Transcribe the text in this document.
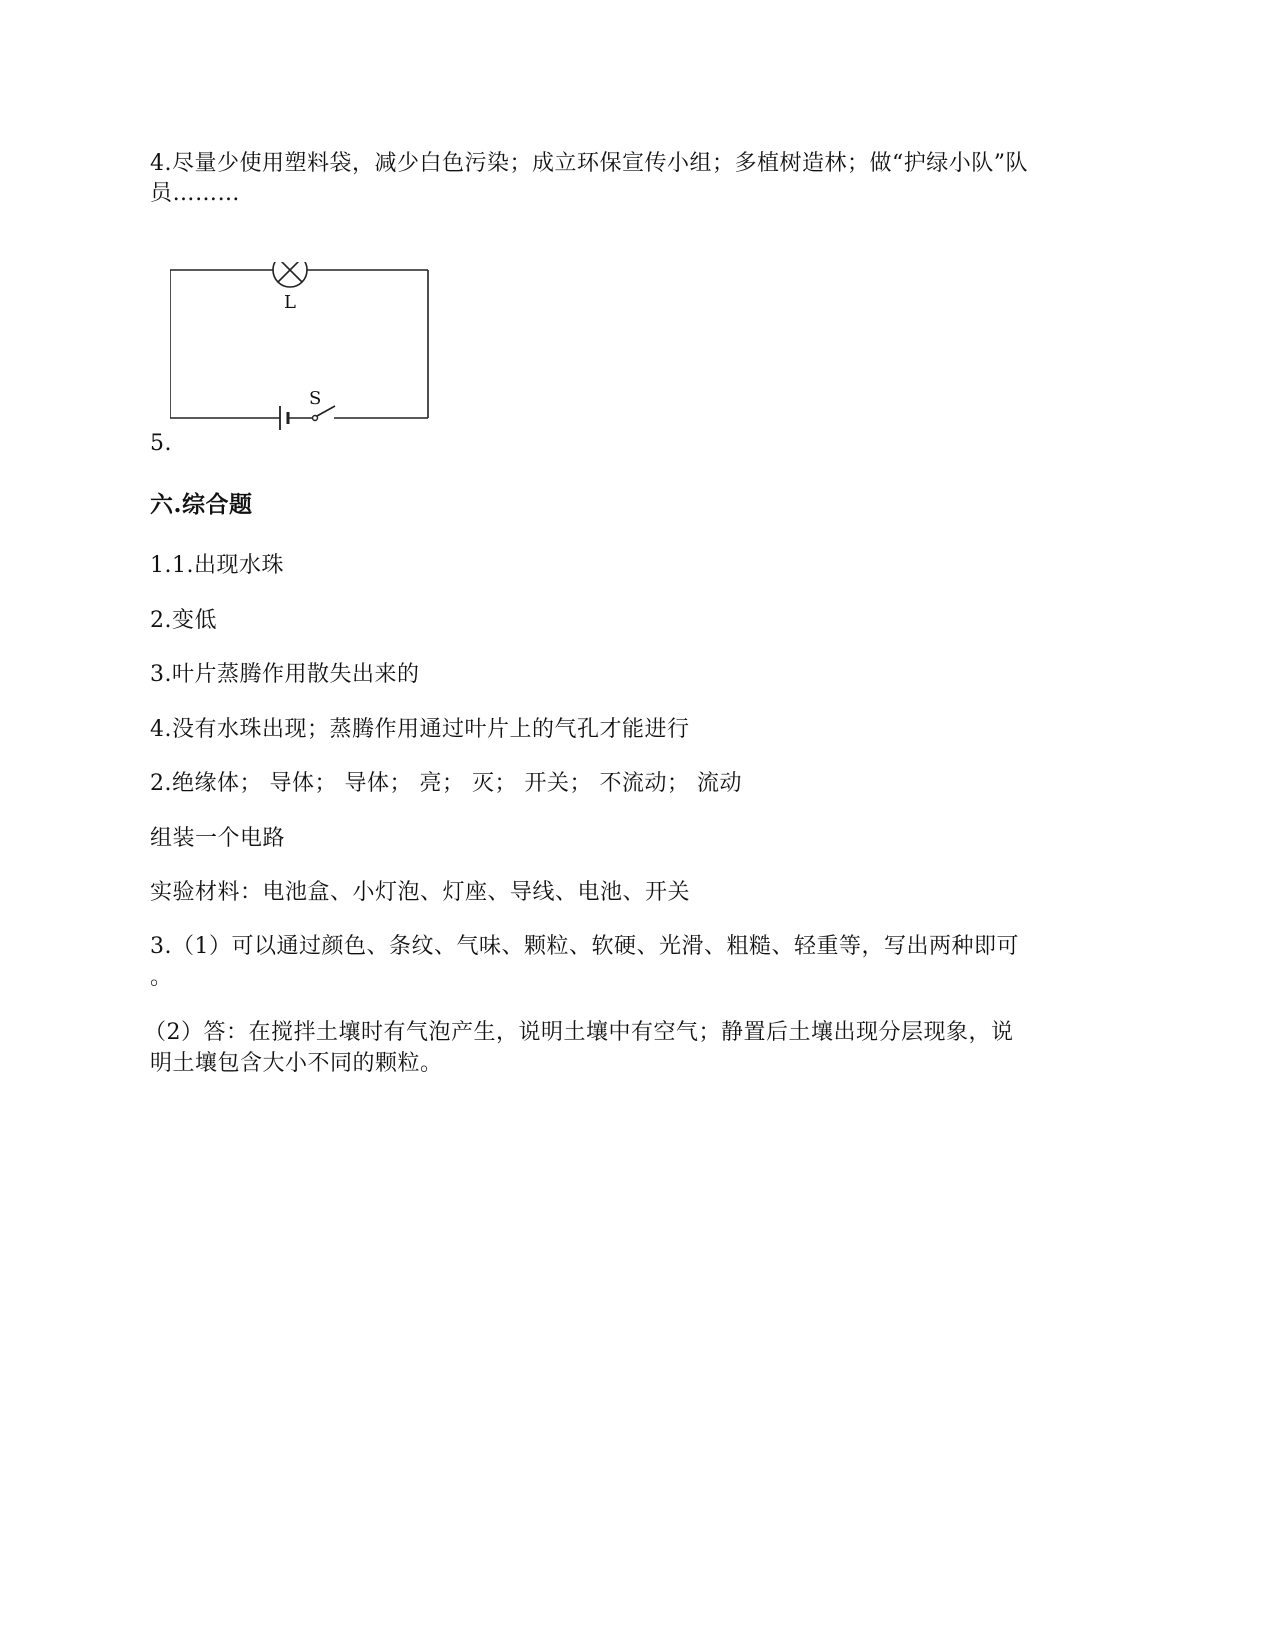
4.尽量少使用塑料袋，减少白色污染；成立环保宣传小组；多植树造林；做“护绿小队”队
员………
L
S
5.
六.综合题
1.1.出现水珠
2.变低
3.叶片蒸腾作用散失出来的
4.没有水珠出现；蒸腾作用通过叶片上的气孔才能进行
2.绝缘体； 导体； 导体； 亮； 灭； 开关； 不流动； 流动
组装一个电路
实验材料：电池盒、小灯泡、灯座、导线、电池、开关
3.（1）可以通过颜色、条纹、气味、颗粒、软硬、光滑、粗糙、轻重等，写出两种即可
。
（2）答：在搅拌土壤时有气泡产生，说明土壤中有空气；静置后土壤出现分层现象，说
明土壤包含大小不同的颗粒。
